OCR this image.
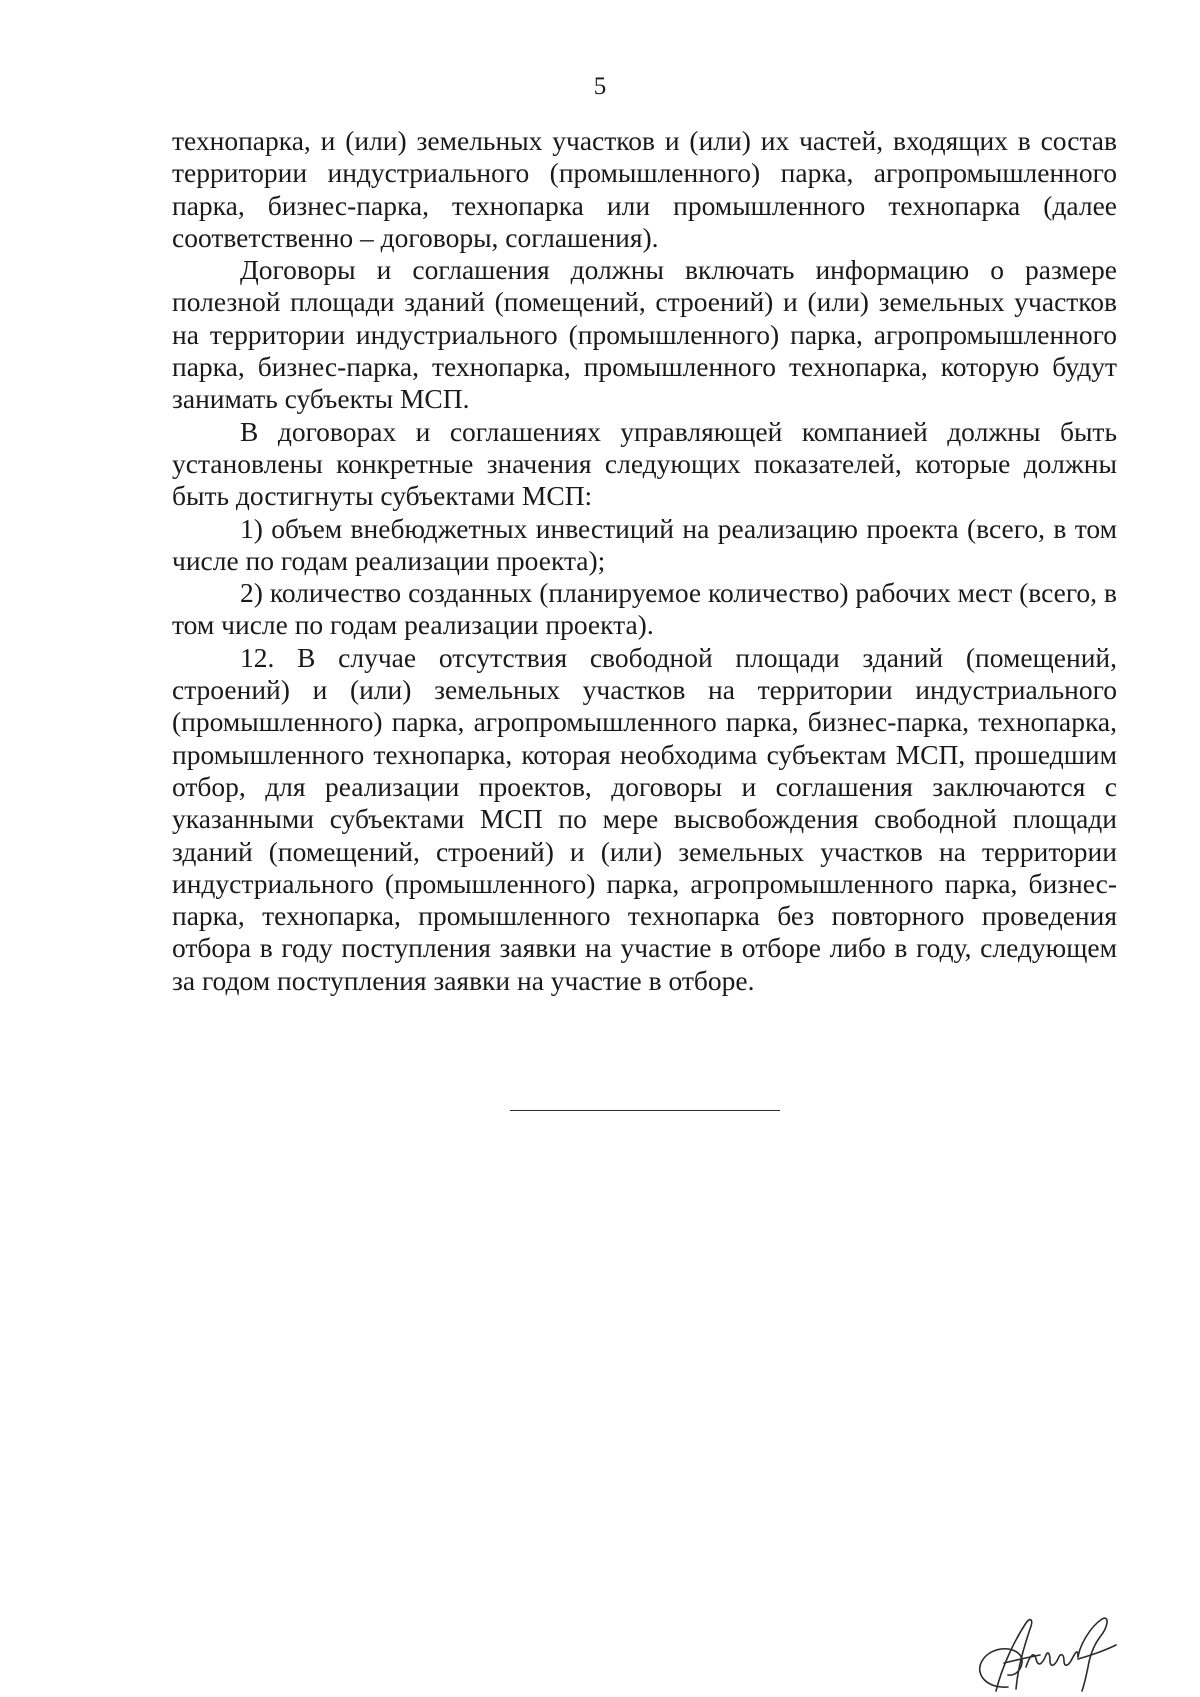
5

технопарка, и (или) земельных участков и (или) их частей, входящих в состав территории индустриального (промышленного) парка, агропромышленного парка, бизнес-парка, технопарка или промышленного технопарка (далее соответственно – договоры, соглашения).

Договоры и соглашения должны включать информацию о размере полезной площади зданий (помещений, строений) и (или) земельных участков на территории индустриального (промышленного) парка, агропромышленного парка, бизнес-парка, технопарка, промышленного технопарка, которую будут занимать субъекты МСП.

В договорах и соглашениях управляющей компанией должны быть установлены конкретные значения следующих показателей, которые должны быть достигнуты субъектами МСП:

1) объем внебюджетных инвестиций на реализацию проекта (всего, в том числе по годам реализации проекта);

2) количество созданных (планируемое количество) рабочих мест (всего, в том числе по годам реализации проекта).

12. В случае отсутствия свободной площади зданий (помещений, строений) и (или) земельных участков на территории индустриального (промышленного) парка, агропромышленного парка, бизнес-парка, технопарка, промышленного технопарка, которая необходима субъектам МСП, прошедшим отбор, для реализации проектов, договоры и соглашения заключаются с указанными субъектами МСП по мере высвобождения свободной площади зданий (помещений, строений) и (или) земельных участков на территории индустриального (промышленного) парка, агропромышленного парка, бизнес-парка, технопарка, промышленного технопарка без повторного проведения отбора в году поступления заявки на участие в отборе либо в году, следующем за годом поступления заявки на участие в отборе.
